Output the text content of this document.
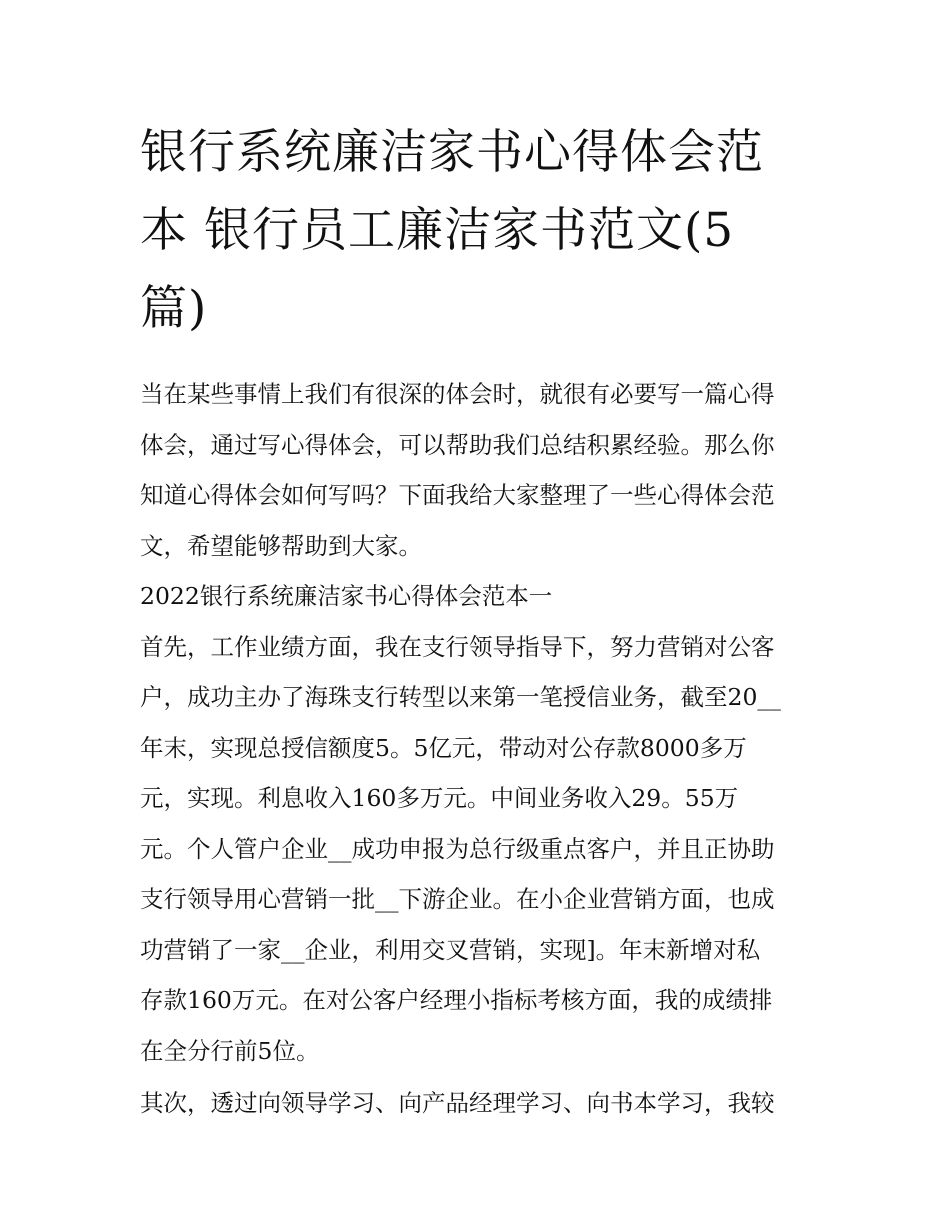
银行系统廉洁家书心得体会范
本 银行员工廉洁家书范文(5
篇)

当在某些事情上我们有很深的体会时，就很有必要写一篇心得
体会，通过写心得体会，可以帮助我们总结积累经验。那么你
知道心得体会如何写吗？下面我给大家整理了一些心得体会范
文，希望能够帮助到大家。

2022银行系统廉洁家书心得体会范本一

首先，工作业绩方面，我在支行领导指导下，努力营销对公客
户，成功主办了海珠支行转型以来第一笔授信业务，截至20__
年末，实现总授信额度5。5亿元，带动对公存款8000多万
元，实现。利息收入160多万元。中间业务收入29。55万
元。个人管户企业__成功申报为总行级重点客户，并且正协助
支行领导用心营销一批__下游企业。在小企业营销方面，也成
功营销了一家__企业，利用交叉营销，实现]。年末新增对私
存款160万元。在对公客户经理小指标考核方面，我的成绩排
在全分行前5位。

其次，透过向领导学习、向产品经理学习、向书本学习，我较
